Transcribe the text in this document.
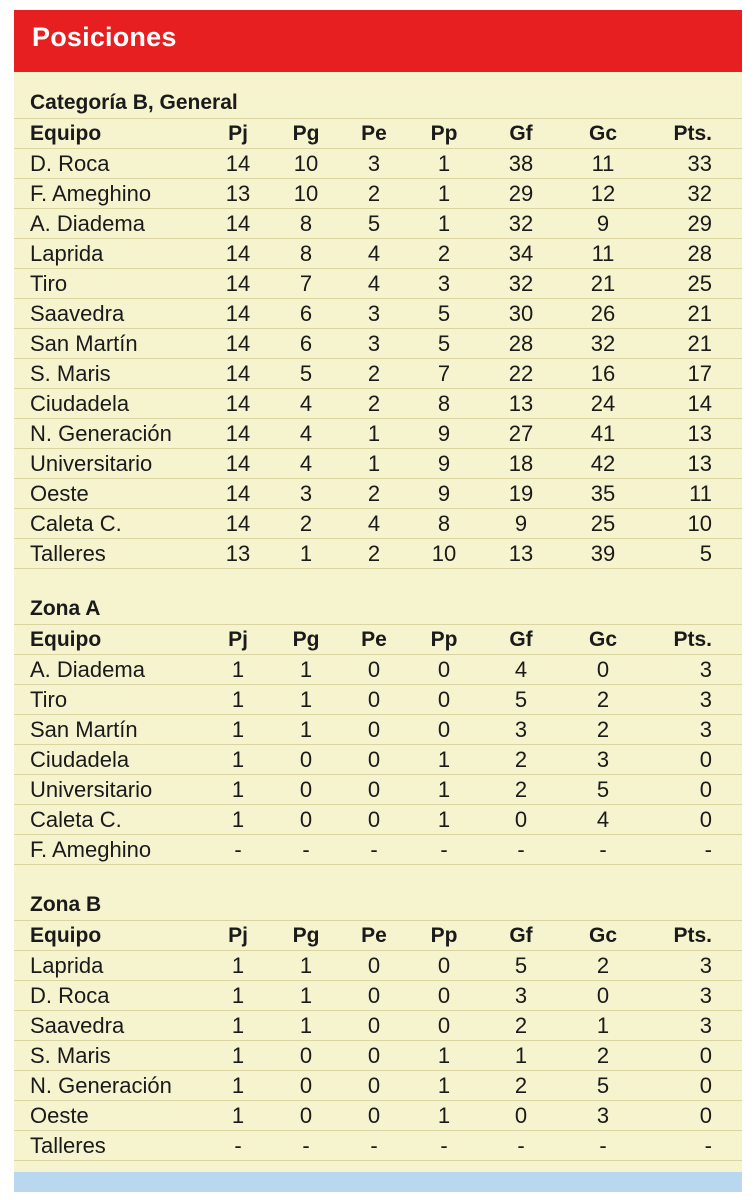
Posiciones
Categoría B, General
Equipo	Pj	Pg	Pe	Pp	Gf	Gc	Pts.
D. Roca	14	10	3	1	38	11	33
F. Ameghino	13	10	2	1	29	12	32
A. Diadema	14	8	5	1	32	9	29
Laprida	14	8	4	2	34	11	28
Tiro	14	7	4	3	32	21	25
Saavedra	14	6	3	5	30	26	21
San Martín	14	6	3	5	28	32	21
S. Maris	14	5	2	7	22	16	17
Ciudadela	14	4	2	8	13	24	14
N. Generación	14	4	1	9	27	41	13
Universitario	14	4	1	9	18	42	13
Oeste	14	3	2	9	19	35	11
Caleta C.	14	2	4	8	9	25	10
Talleres	13	1	2	10	13	39	5
Zona A
Equipo	Pj	Pg	Pe	Pp	Gf	Gc	Pts.
A. Diadema	1	1	0	0	4	0	3
Tiro	1	1	0	0	5	2	3
San Martín	1	1	0	0	3	2	3
Ciudadela	1	0	0	1	2	3	0
Universitario	1	0	0	1	2	5	0
Caleta C.	1	0	0	1	0	4	0
F. Ameghino	-	-	-	-	-	-	-
Zona B
Equipo	Pj	Pg	Pe	Pp	Gf	Gc	Pts.
Laprida	1	1	0	0	5	2	3
D. Roca	1	1	0	0	3	0	3
Saavedra	1	1	0	0	2	1	3
S. Maris	1	0	0	1	1	2	0
N. Generación	1	0	0	1	2	5	0
Oeste	1	0	0	1	0	3	0
Talleres	-	-	-	-	-	-	-
